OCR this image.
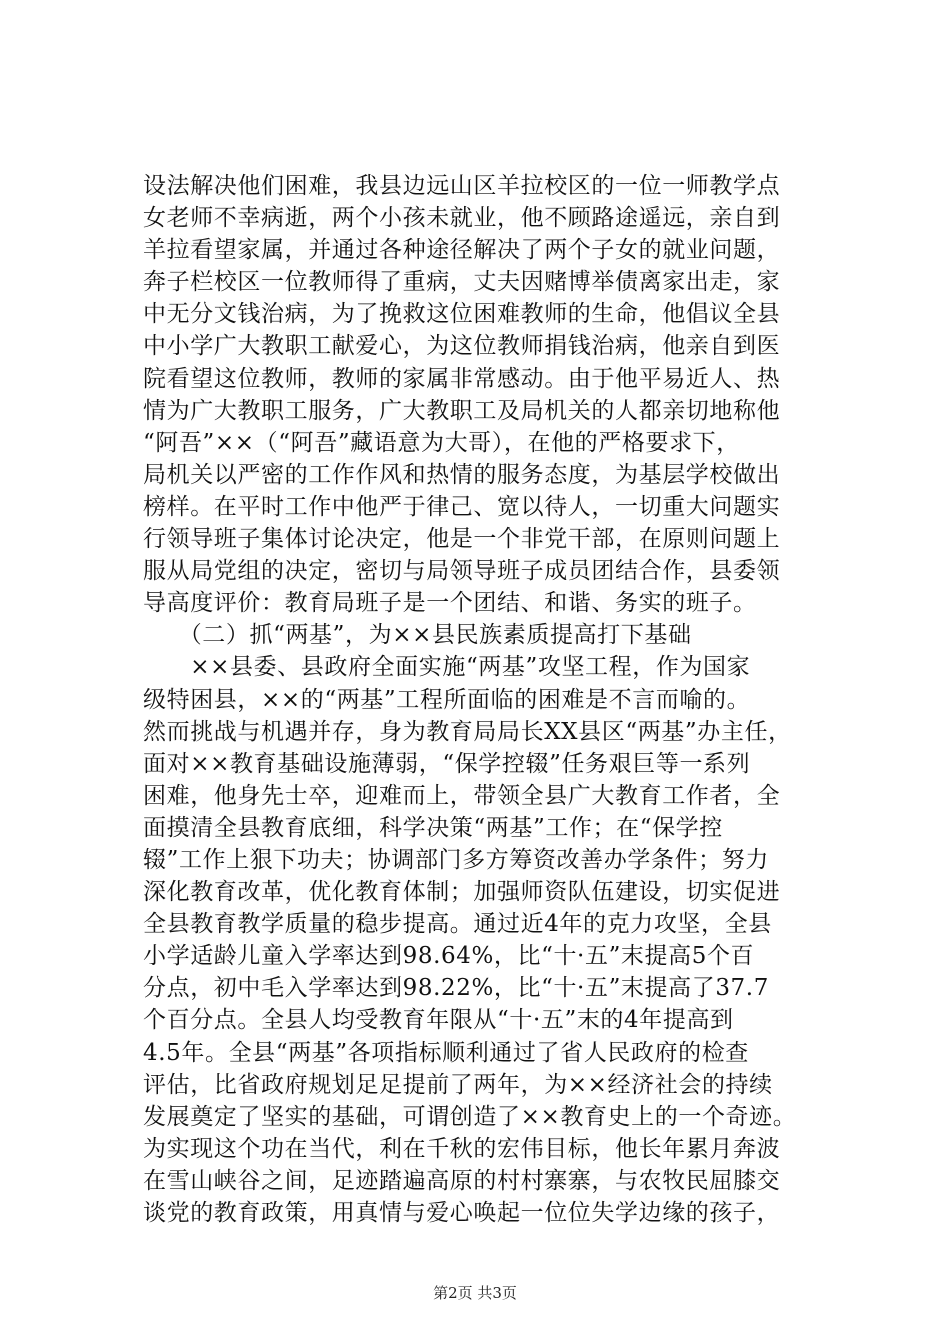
设法解决他们困难，我县边远山区羊拉校区的一位一师教学点
女老师不幸病逝，两个小孩未就业，他不顾路途遥远，亲自到
羊拉看望家属，并通过各种途径解决了两个子女的就业问题，
奔子栏校区一位教师得了重病，丈夫因赌博举债离家出走，家
中无分文钱治病，为了挽救这位困难教师的生命，他倡议全县
中小学广大教职工献爱心，为这位教师捐钱治病，他亲自到医
院看望这位教师，教师的家属非常感动。由于他平易近人、热
情为广大教职工服务，广大教职工及局机关的人都亲切地称他
“阿吾”××（“阿吾”藏语意为大哥），在他的严格要求下，
局机关以严密的工作作风和热情的服务态度，为基层学校做出
榜样。在平时工作中他严于律己、宽以待人，一切重大问题实
行领导班子集体讨论决定，他是一个非党干部，在原则问题上
服从局党组的决定，密切与局领导班子成员团结合作，县委领
导高度评价：教育局班子是一个团结、和谐、务实的班子。
　　（二）抓“两基”，为××县民族素质提高打下基础
　　××县委、县政府全面实施“两基”攻坚工程，作为国家
级特困县，××的“两基”工程所面临的困难是不言而喻的。
然而挑战与机遇并存，身为教育局局长XX县区“两基”办主任，
面对××教育基础设施薄弱，“保学控辍”任务艰巨等一系列
困难，他身先士卒，迎难而上，带领全县广大教育工作者，全
面摸清全县教育底细，科学决策“两基”工作；在“保学控
辍”工作上狠下功夫；协调部门多方筹资改善办学条件；努力
深化教育改革，优化教育体制；加强师资队伍建设，切实促进
全县教育教学质量的稳步提高。通过近4年的克力攻坚，全县
小学适龄儿童入学率达到98.64%，比“十·五”末提高5个百
分点，初中毛入学率达到98.22%，比“十·五”末提高了37.7
个百分点。全县人均受教育年限从“十·五”末的4年提高到
4.5年。全县“两基”各项指标顺利通过了省人民政府的检查
评估，比省政府规划足足提前了两年，为××经济社会的持续
发展奠定了坚实的基础，可谓创造了××教育史上的一个奇迹。
为实现这个功在当代，利在千秋的宏伟目标，他长年累月奔波
在雪山峡谷之间，足迹踏遍高原的村村寨寨，与农牧民屈膝交
谈党的教育政策，用真情与爱心唤起一位位失学边缘的孩子，
第2页 共3页
